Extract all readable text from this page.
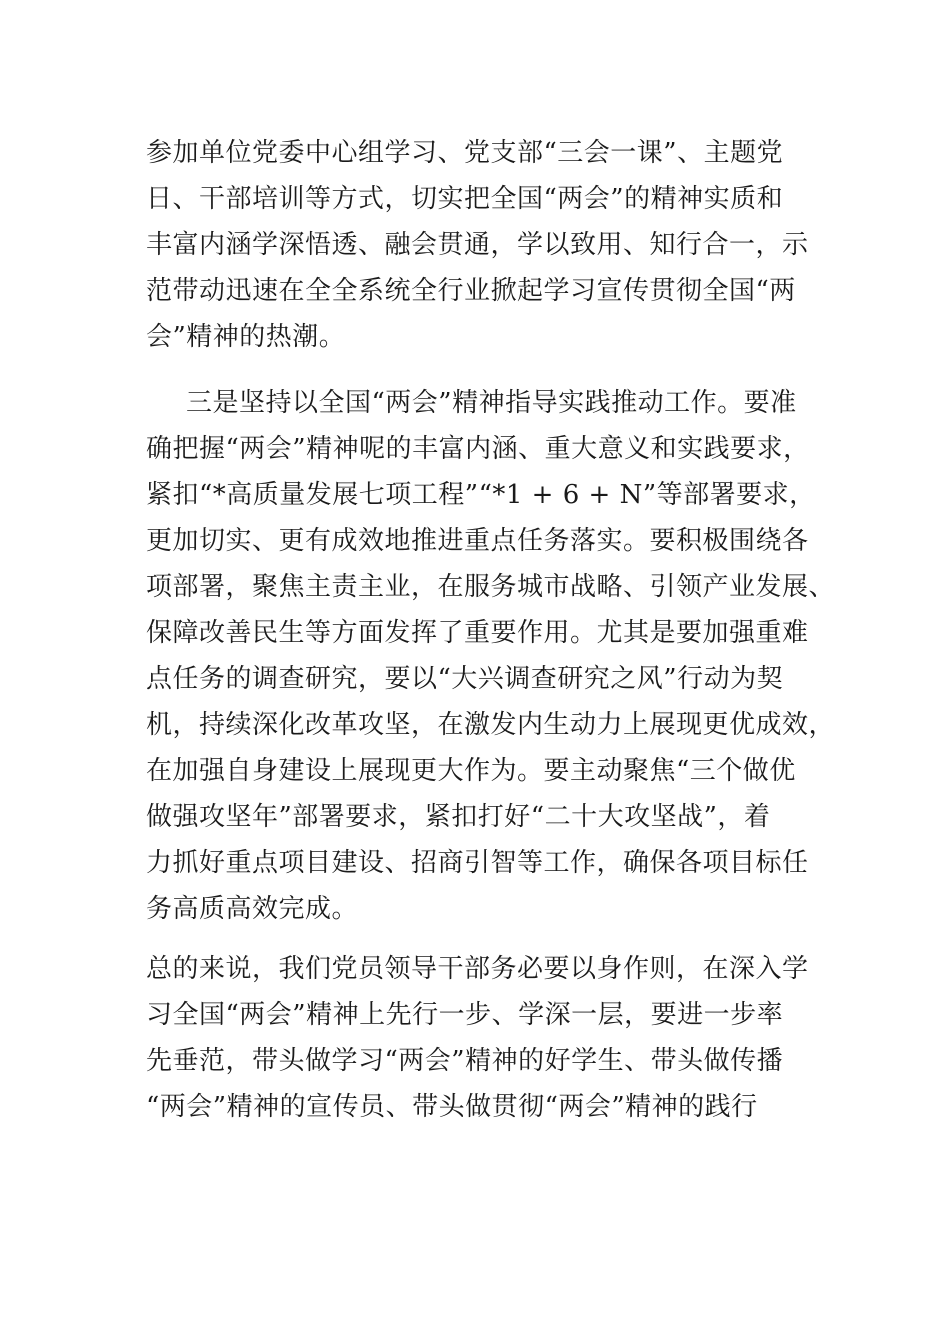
参加单位党委中心组学习、党支部“三会一课”、主题党
日、干部培训等方式，切实把全国“两会”的精神实质和
丰富内涵学深悟透、融会贯通，学以致用、知行合一，示
范带动迅速在全全系统全行业掀起学习宣传贯彻全国“两
会”精神的热潮。
三是坚持以全国“两会”精神指导实践推动工作。要准
确把握“两会”精神呢的丰富内涵、重大意义和实践要求，
紧扣“*高质量发展七项工程”“*1 + 6 + N”等部署要求，
更加切实、更有成效地推进重点任务落实。要积极围绕各
项部署，聚焦主责主业，在服务城市战略、引领产业发展、
保障改善民生等方面发挥了重要作用。尤其是要加强重难
点任务的调查研究，要以“大兴调查研究之风”行动为契
机，持续深化改革攻坚，在激发内生动力上展现更优成效，
在加强自身建设上展现更大作为。要主动聚焦“三个做优
做强攻坚年”部署要求，紧扣打好“二十大攻坚战”，着
力抓好重点项目建设、招商引智等工作，确保各项目标任
务高质高效完成。
总的来说，我们党员领导干部务必要以身作则，在深入学
习全国“两会”精神上先行一步、学深一层，要进一步率
先垂范，带头做学习“两会”精神的好学生、带头做传播
“两会”精神的宣传员、带头做贯彻“两会”精神的践行
